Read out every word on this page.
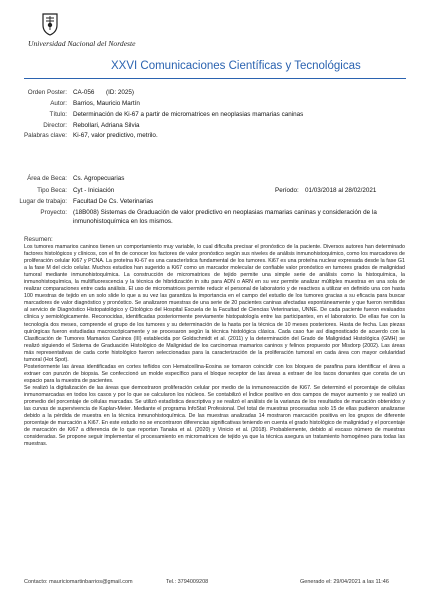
Universidad Nacional del Nordeste
XXVI Comunicaciones Científicas y Tecnológicas
Orden Poster: CA-056 (ID: 2025)
Autor: Barrios, Mauricio Martín
Título: Determinación de Ki-67 a partir de micromatrices en neoplasias mamarias caninas
Director: Rebollari, Adriana Silvia
Palabras clave: Ki-67, valor predictivo, metrilo.
Área de Beca: Cs. Agropecuarias
Tipo Beca: Cyt - Iniciación	Período: 01/03/2018 al 28/02/2021
Lugar de trabajo: Facultad De Cs. Veterinarias
Proyecto: (18B008) Sistemas de Graduación de valor predictivo en neoplasias mamarias caninas y consideración de la
inmunohistoquímica en los mismos.
Resumen:

Los tumores mamarios caninos tienen un comportamiento muy variable, lo cual dificulta precisar el pronóstico de la paciente. Diversos autores han determinado factores histológicos y clínicos, con el fin de conocer los factores de valor pronóstico según sus niveles de análisis inmunohistoquímico, como los marcadores de proliferación celular Ki67 y PCNA. La proteína Ki-67 es una característica fundamental de los tumores. Ki67 es una proteína nuclear expresada desde la fase G1 a la fase M del ciclo celular. Muchos estudios han sugerido a Ki67 como un marcador molecular de confiable valor pronóstico en tumores grados de malignidad tumoral mediante inmunohistoquímica. La construcción de micromatrices de tejido permite una simple serie de análisis como la histoquímica, la inmunohistoquímica, la multifluorescencia y la técnica de hibridización in situ para ADN o ARN en su vez permite analizar múltiples muestras en una sola de realizar comparaciones entre cada análisis. El uso de micromatrices permite reducir el personal de laboratorio y de reactivos a utilizar en definido una con hasta 100 muestras de tejido en un solo slide lo que a su vez las garantiza la importancia en el campo del estudio de los tumores gracias a su eficacia para buscar marcadores de valor diagnóstico y pronóstico. Se analizaron muestras de una serie de 20 pacientes caninas afectadas espontáneamente y que fueron remitidas al servicio de Diagnóstico Histopatológico y Citológico del Hospital Escuela de la Facultad de Ciencias Veterinarias, UNNE. De cada paciente fueron evaluados clínica y semiológicamente. Reconocidas, identificadas posteriormente previamente histopatología entre las participantes, en el laboratorio. De ellas fue con la tecnología dos meses, comprende el grupo de los tumores y su determinación de la hasta por la técnica de 10 meses posteriores. Hasta de fecha. Las piezas quirúrgicas fueron estudiadas macroscópicamente y se procesaron según la técnica histológica clásica. Cada caso fue así diagnosticado de acuerdo con la Clasificación de Tumores Mamarios Caninos (III) establecida por Goldschmidt et al. (2011) y la determinación del Grado de Malignidad Histológica (GMH) se realizó siguiendo el Sistema de Graduación Histológico de Malignidad de los carcinomas mamarios caninos y felinos propuesto por Misdorp (2002). Las áreas más representativas de cada corte histológico fueron seleccionadas para la caracterización de la proliferación tumoral en cada área con mayor celularidad tumoral (Hot Spot).

Posteriormente las áreas identificadas en cortes teñidos con Hematoxilina-Eosina se tomaron coincidir con los bloques de parafina para identificar el área a extraer con punzón de biopsia. Se confeccionó un molde específico para el bloque receptor de las áreas a extraer de los tacos donantes que consta de un espacio para la muestra de pacientes.

Se realizó la digitalización de las áreas que demostraron proliferación celular por medio de la inmunoreacción de Ki67. Se determinó el porcentaje de células inmunomarcadas en todos los casos y por lo que se calcularon los núcleos. Se contabilizó el Índice positivo en dos campos de mayor aumento y se realizó un promedio del porcentaje de células marcadas. Se utilizó estadística descriptiva y se realizó el análisis de la varianza de los resultados de marcación obtenidos y las curvas de supervivencia de Kaplan-Meier. Mediante el programa InfoStat Profesional. Del total de muestras procesadas solo 15 de ellas pudieron analizarse debido a la pérdida de muestra en la técnica inmunohistoquímica. De las muestras analizadas 14 mostraron marcación positiva en los grupos de diferente porcentaje de marcación a Ki67. En este estudio no se encontraron diferencias significativas teniendo en cuenta el grado histológico de malignidad y el porcentaje de marcación de Ki67 a diferencia de lo que reportan Tanaka et al. (2020) y Vinicio et al. (2018). Probablemente, debido al escaso número de muestras consideradas. Se propone seguir implementar el procesamiento en micromatrices de tejido ya que la técnica asegura un tratamiento homogéneo para todas las muestras.

Contacto: mauriciomartinbarrios@gmail.com	Tel.: 3794009208	Generado el: 29/04/2021 a las 11:46
